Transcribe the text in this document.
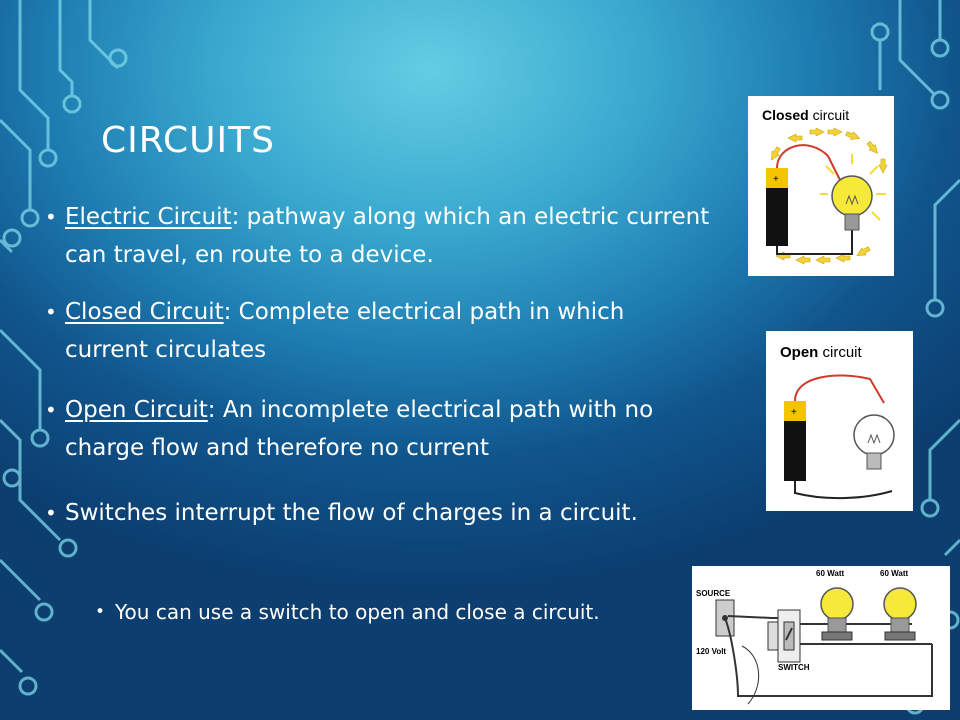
CIRCUITS
• Electric Circuit: pathway along which an electric current can travel, en route to a device.
• Closed Circuit: Complete electrical path in which current circulates
• Open Circuit: An incomplete electrical path with no charge flow and therefore no current
• Switches interrupt the flow of charges in a circuit.
• You can use a switch to open and close a circuit.
Closed circuit
+
Open circuit
+
SOURCE
120 Volt
SWITCH
60 Watt	60 Watt
